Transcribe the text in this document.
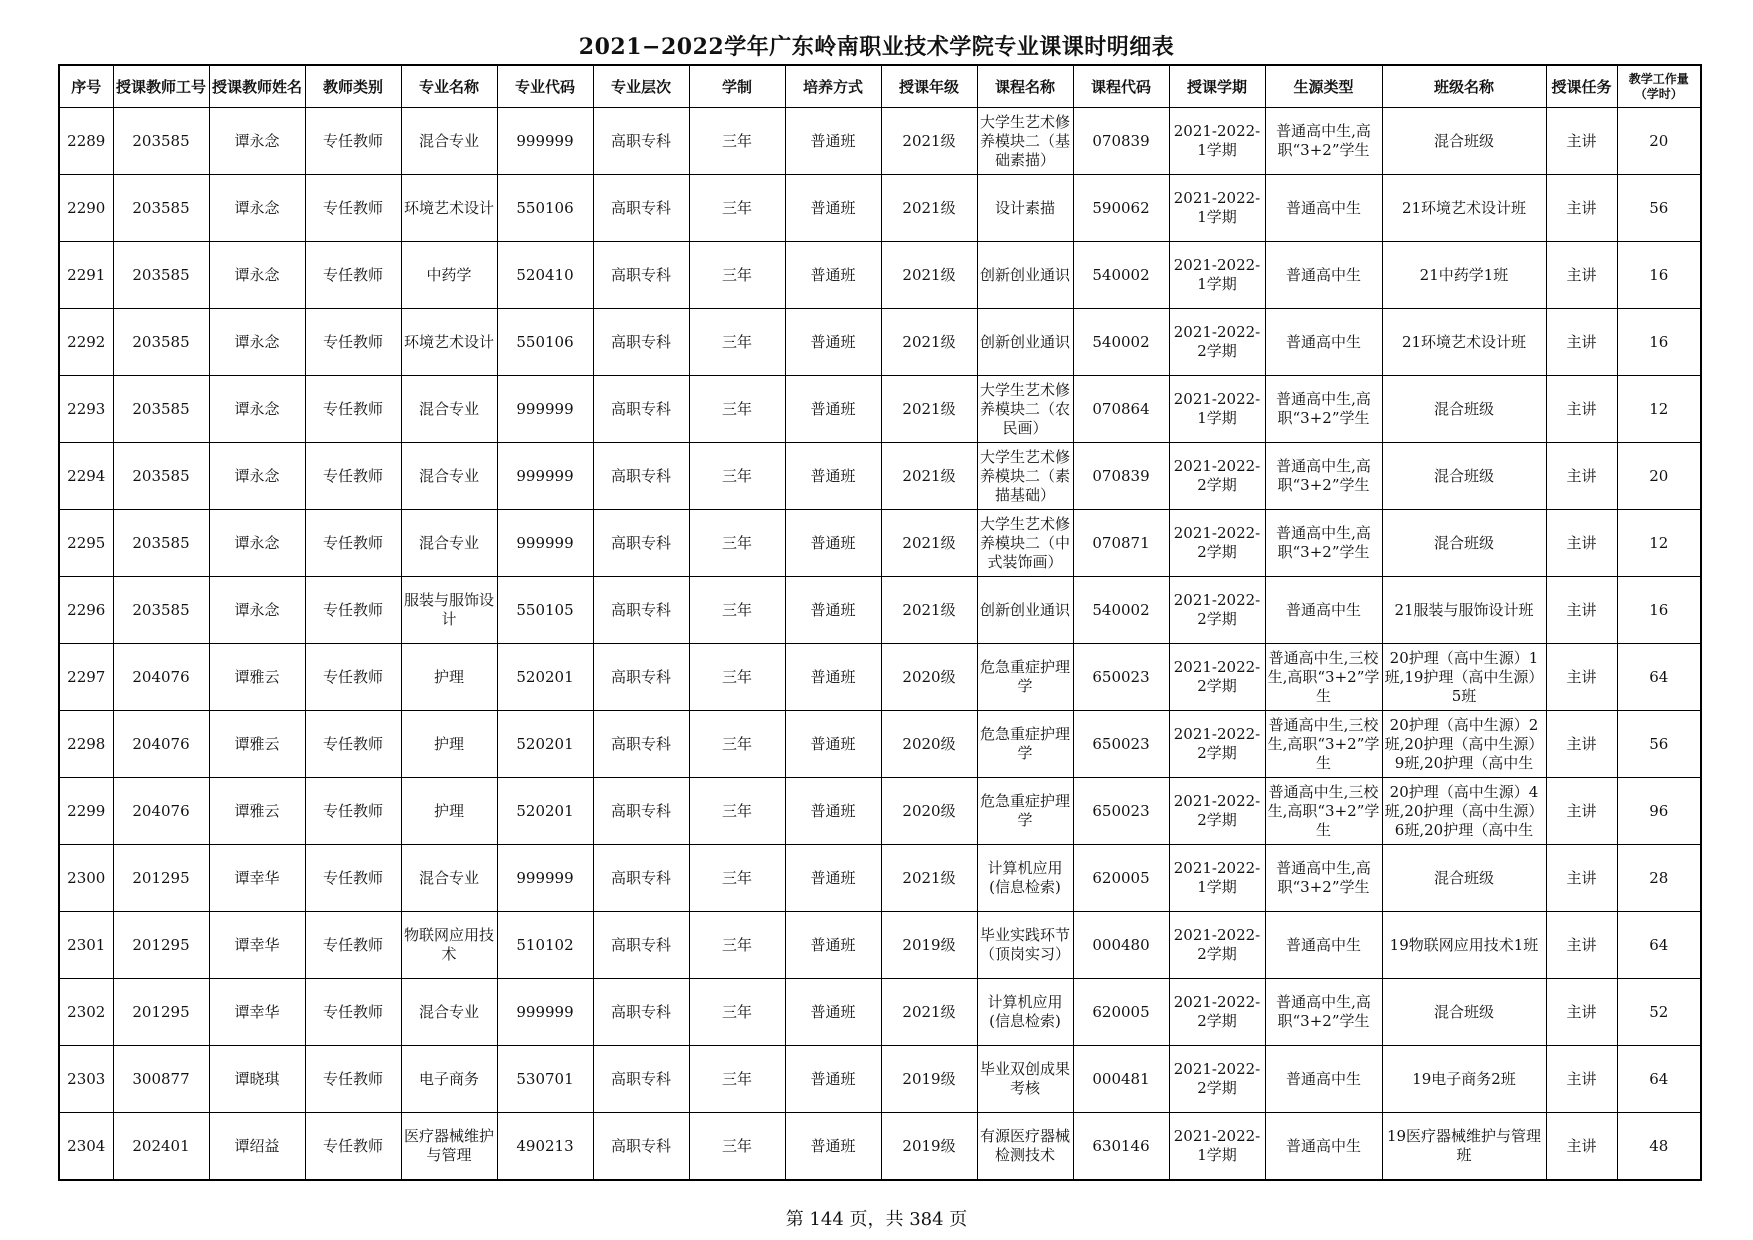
2021−2022学年广东岭南职业技术学院专业课课时明细表
序号	授课教师工号	授课教师姓名	教师类别	专业名称	专业代码	专业层次	学制	培养方式	授课年级	课程名称	课程代码	授课学期	生源类型	班级名称	授课任务	教学工作量（学时）

2289	203585	谭永念	专任教师	混合专业	999999	高职专科	三年	普通班	2021级	大学生艺术修养模块二（基础素描）	070839	2021-2022-1学期	普通高中生,高职“3+2”学生	混合班级	主讲	20

2290	203585	谭永念	专任教师	环境艺术设计	550106	高职专科	三年	普通班	2021级	设计素描	590062	2021-2022-1学期	普通高中生	21环境艺术设计班	主讲	56

2291	203585	谭永念	专任教师	中药学	520410	高职专科	三年	普通班	2021级	创新创业通识	540002	2021-2022-1学期	普通高中生	21中药学1班	主讲	16

2292	203585	谭永念	专任教师	环境艺术设计	550106	高职专科	三年	普通班	2021级	创新创业通识	540002	2021-2022-2学期	普通高中生	21环境艺术设计班	主讲	16

2293	203585	谭永念	专任教师	混合专业	999999	高职专科	三年	普通班	2021级	大学生艺术修养模块二（农民画）	070864	2021-2022-1学期	普通高中生,高职“3+2”学生	混合班级	主讲	12

2294	203585	谭永念	专任教师	混合专业	999999	高职专科	三年	普通班	2021级	大学生艺术修养模块二（素描基础）	070839	2021-2022-2学期	普通高中生,高职“3+2”学生	混合班级	主讲	20

2295	203585	谭永念	专任教师	混合专业	999999	高职专科	三年	普通班	2021级	大学生艺术修养模块二（中式装饰画）	070871	2021-2022-2学期	普通高中生,高职“3+2”学生	混合班级	主讲	12

2296	203585	谭永念	专任教师	服装与服饰设计	550105	高职专科	三年	普通班	2021级	创新创业通识	540002	2021-2022-2学期	普通高中生	21服装与服饰设计班	主讲	16

2297	204076	谭雅云	专任教师	护理	520201	高职专科	三年	普通班	2020级	危急重症护理学	650023	2021-2022-2学期	普通高中生,三校生,高职“3+2”学生	20护理（高中生源）1班,19护理（高中生源）5班	主讲	64

2298	204076	谭雅云	专任教师	护理	520201	高职专科	三年	普通班	2020级	危急重症护理学	650023	2021-2022-2学期	普通高中生,三校生,高职“3+2”学生	20护理（高中生源）2班,20护理（高中生源）9班,20护理（高中生	主讲	56

2299	204076	谭雅云	专任教师	护理	520201	高职专科	三年	普通班	2020级	危急重症护理学	650023	2021-2022-2学期	普通高中生,三校生,高职“3+2”学生	20护理（高中生源）4班,20护理（高中生源）6班,20护理（高中生	主讲	96

2300	201295	谭幸华	专任教师	混合专业	999999	高职专科	三年	普通班	2021级	计算机应用(信息检索)	620005	2021-2022-1学期	普通高中生,高职“3+2”学生	混合班级	主讲	28

2301	201295	谭幸华	专任教师	物联网应用技术	510102	高职专科	三年	普通班	2019级	毕业实践环节（顶岗实习）	000480	2021-2022-2学期	普通高中生	19物联网应用技术1班	主讲	64

2302	201295	谭幸华	专任教师	混合专业	999999	高职专科	三年	普通班	2021级	计算机应用(信息检索)	620005	2021-2022-2学期	普通高中生,高职“3+2”学生	混合班级	主讲	52

2303	300877	谭晓琪	专任教师	电子商务	530701	高职专科	三年	普通班	2019级	毕业双创成果考核	000481	2021-2022-2学期	普通高中生	19电子商务2班	主讲	64

2304	202401	谭绍益	专任教师	医疗器械维护与管理	490213	高职专科	三年	普通班	2019级	有源医疗器械检测技术	630146	2021-2022-1学期	普通高中生	19医疗器械维护与管理班	主讲	48
第 144 页，共 384 页
